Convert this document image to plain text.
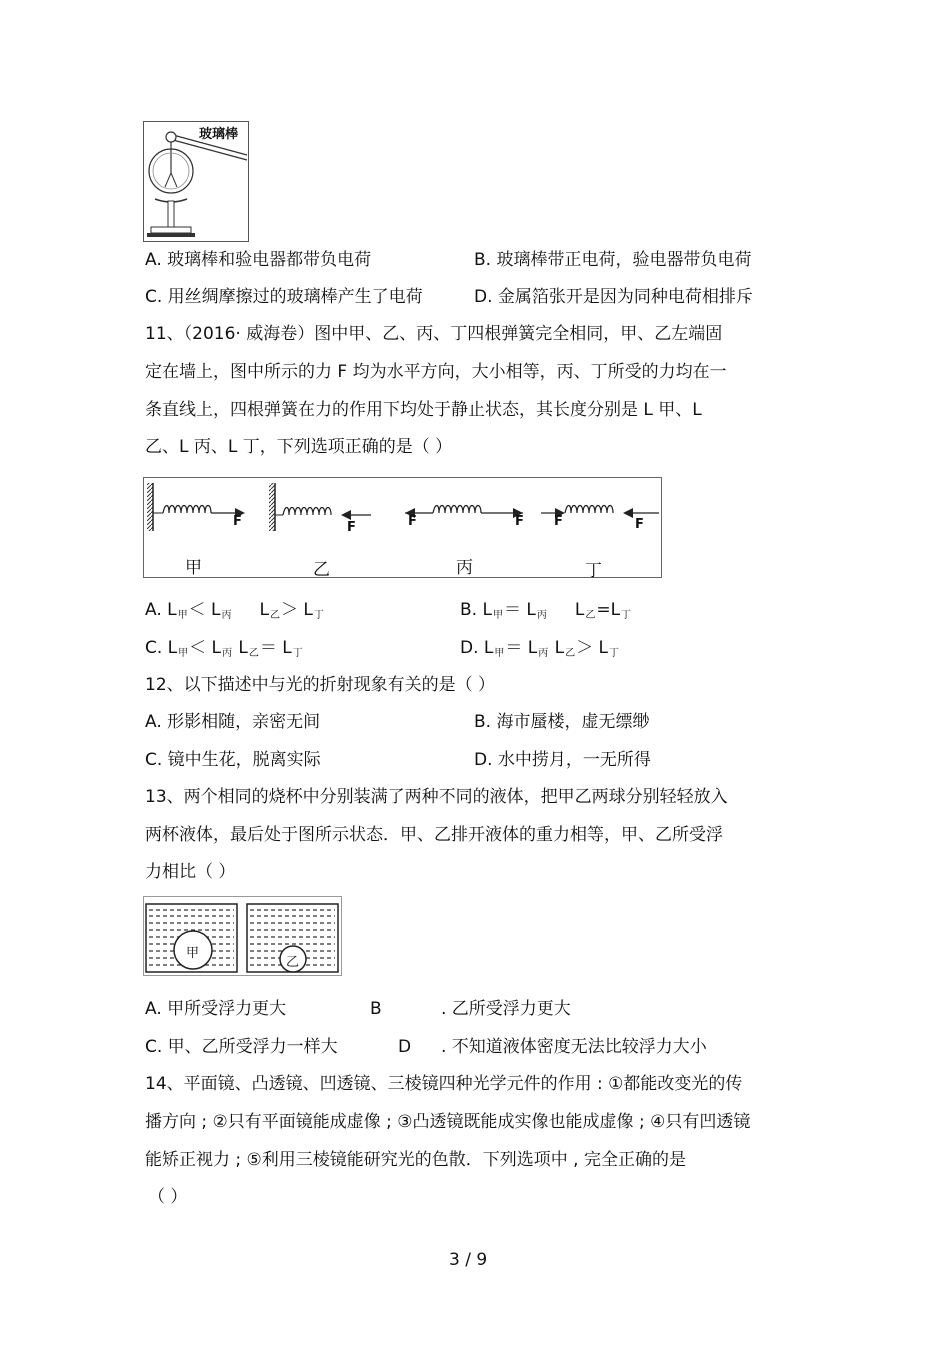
玻璃棒
A. 玻璃棒和验电器都带负电荷	B. 玻璃棒带正电荷，验电器带负电荷
C. 用丝绸摩擦过的玻璃棒产生了电荷	D. 金属箔张开是因为同种电荷相排斥
11、（2016· 威海卷）图中甲、乙、丙、丁四根弹簧完全相同，甲、乙左端固
定在墙上，图中所示的力 F 均为水平方向，大小相等，丙、丁所受的力均在一
条直线上，四根弹簧在力的作用下均处于静止状态，其长度分别是 L 甲、L
乙、L 丙、L 丁，下列选项正确的是（ ）
F	F	F	F F	F
甲	乙	丙	丁
A. L甲＜ L丙     L乙＞ L丁	B. L甲＝ L丙     L乙=L丁
C. L甲＜ L丙 L乙＝ L丁	D. L甲＝ L丙 L乙＞ L丁
12、以下描述中与光的折射现象有关的是（ ）
A. 形影相随，亲密无间	B. 海市蜃楼，虚无缥缈
C. 镜中生花，脱离实际	D. 水中捞月，一无所得
13、两个相同的烧杯中分别装满了两种不同的液体，把甲乙两球分别轻轻放入
两杯液体，最后处于图所示状态．甲、乙排开液体的重力相等，甲、乙所受浮
力相比（ ）
甲
乙
A. 甲所受浮力更大	B	. 乙所受浮力更大
C. 甲、乙所受浮力一样大	D . 不知道液体密度无法比较浮力大小
14、平面镜、凸透镜、凹透镜、三棱镜四种光学元件的作用 : ①都能改变光的传
播方向 ; ②只有平面镜能成虚像 ; ③凸透镜既能成实像也能成虚像 ; ④只有凹透镜
能矫正视力 ; ⑤利用三棱镜能研究光的色散．下列选项中 , 完全正确的是
（ ）
3 / 9
